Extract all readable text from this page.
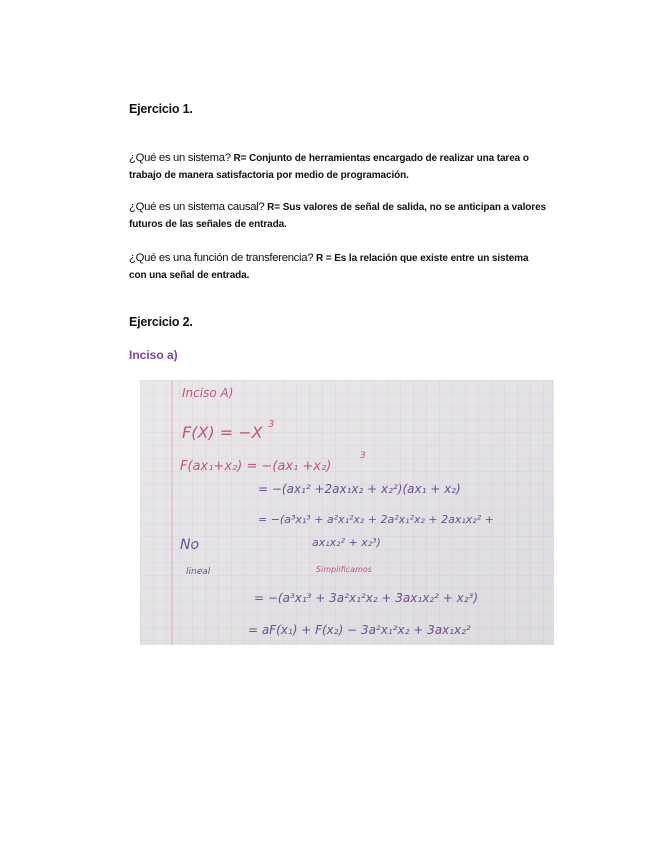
Ejercicio 1.
¿Qué es un sistema? R= Conjunto de herramientas encargado de realizar una tarea o
trabajo de manera satisfactoria por medio de programación.
¿Qué es un sistema causal? R= Sus valores de señal de salida, no se anticipan a valores
futuros de las señales de entrada.
¿Qué es una función de transferencia? R = Es la relación que existe entre un sistema
con una señal de entrada.
Ejercicio 2.
Inciso a)
Inciso A)
F(X) = −X 3
F(ax₁+x₂) = −(ax₁ +x₂)
3
= −(ax₁² +2ax₁x₂ + x₂²)(ax₁ + x₂)
= −(a³x₁³ + a²x₁²x₂ + 2a²x₁²x₂ + 2ax₁x₂² +
ax₁x₂² + x₂³)
No
lineal
= −(a³x₁³ + 3a²x₁²x₂ + 3ax₁x₂² + x₂³)
= aF(x₁) + F(x₂) − 3a²x₁²x₂ + 3ax₁x₂²
Simplificamos
